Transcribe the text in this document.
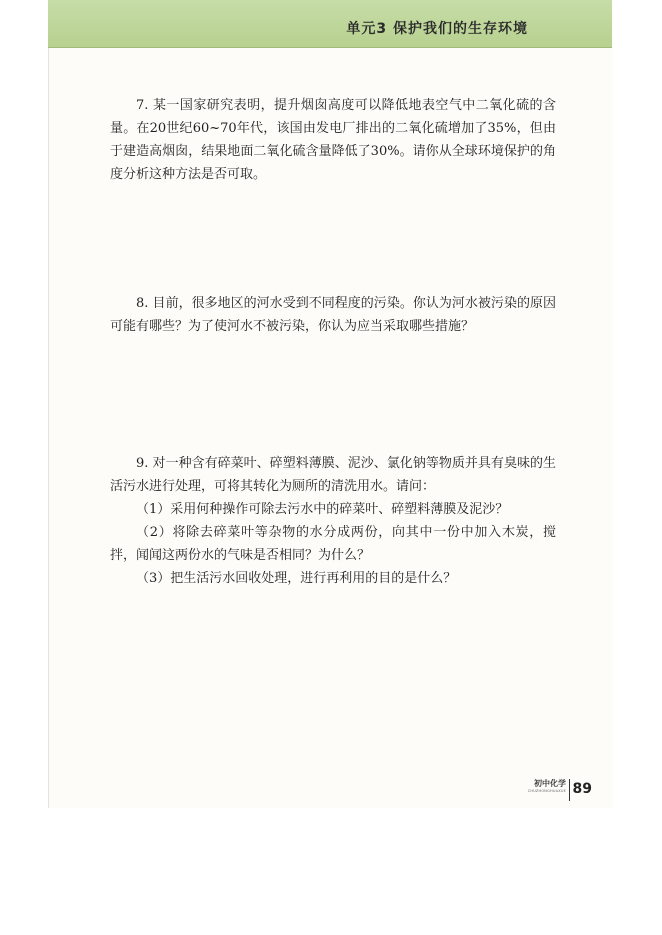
单元3 保护我们的生存环境

7. 某一国家研究表明，提升烟囱高度可以降低地表空气中二氧化硫的含量。在20世纪60~70年代，该国由发电厂排出的二氧化硫增加了35%，但由于建造高烟囱，结果地面二氧化硫含量降低了30%。请你从全球环境保护的角度分析这种方法是否可取。

8. 目前，很多地区的河水受到不同程度的污染。你认为河水被污染的原因可能有哪些？为了使河水不被污染，你认为应当采取哪些措施？

9. 对一种含有碎菜叶、碎塑料薄膜、泥沙、氯化钠等物质并具有臭味的生活污水进行处理，可将其转化为厕所的清洗用水。请问：

（1）采用何种操作可除去污水中的碎菜叶、碎塑料薄膜及泥沙？

（2）将除去碎菜叶等杂物的水分成两份，向其中一份中加入木炭，搅拌，闻闻这两份水的气味是否相同？为什么？

（3）把生活污水回收处理，进行再利用的目的是什么？

初中化学
CHUZHONGHUAXUE 89
